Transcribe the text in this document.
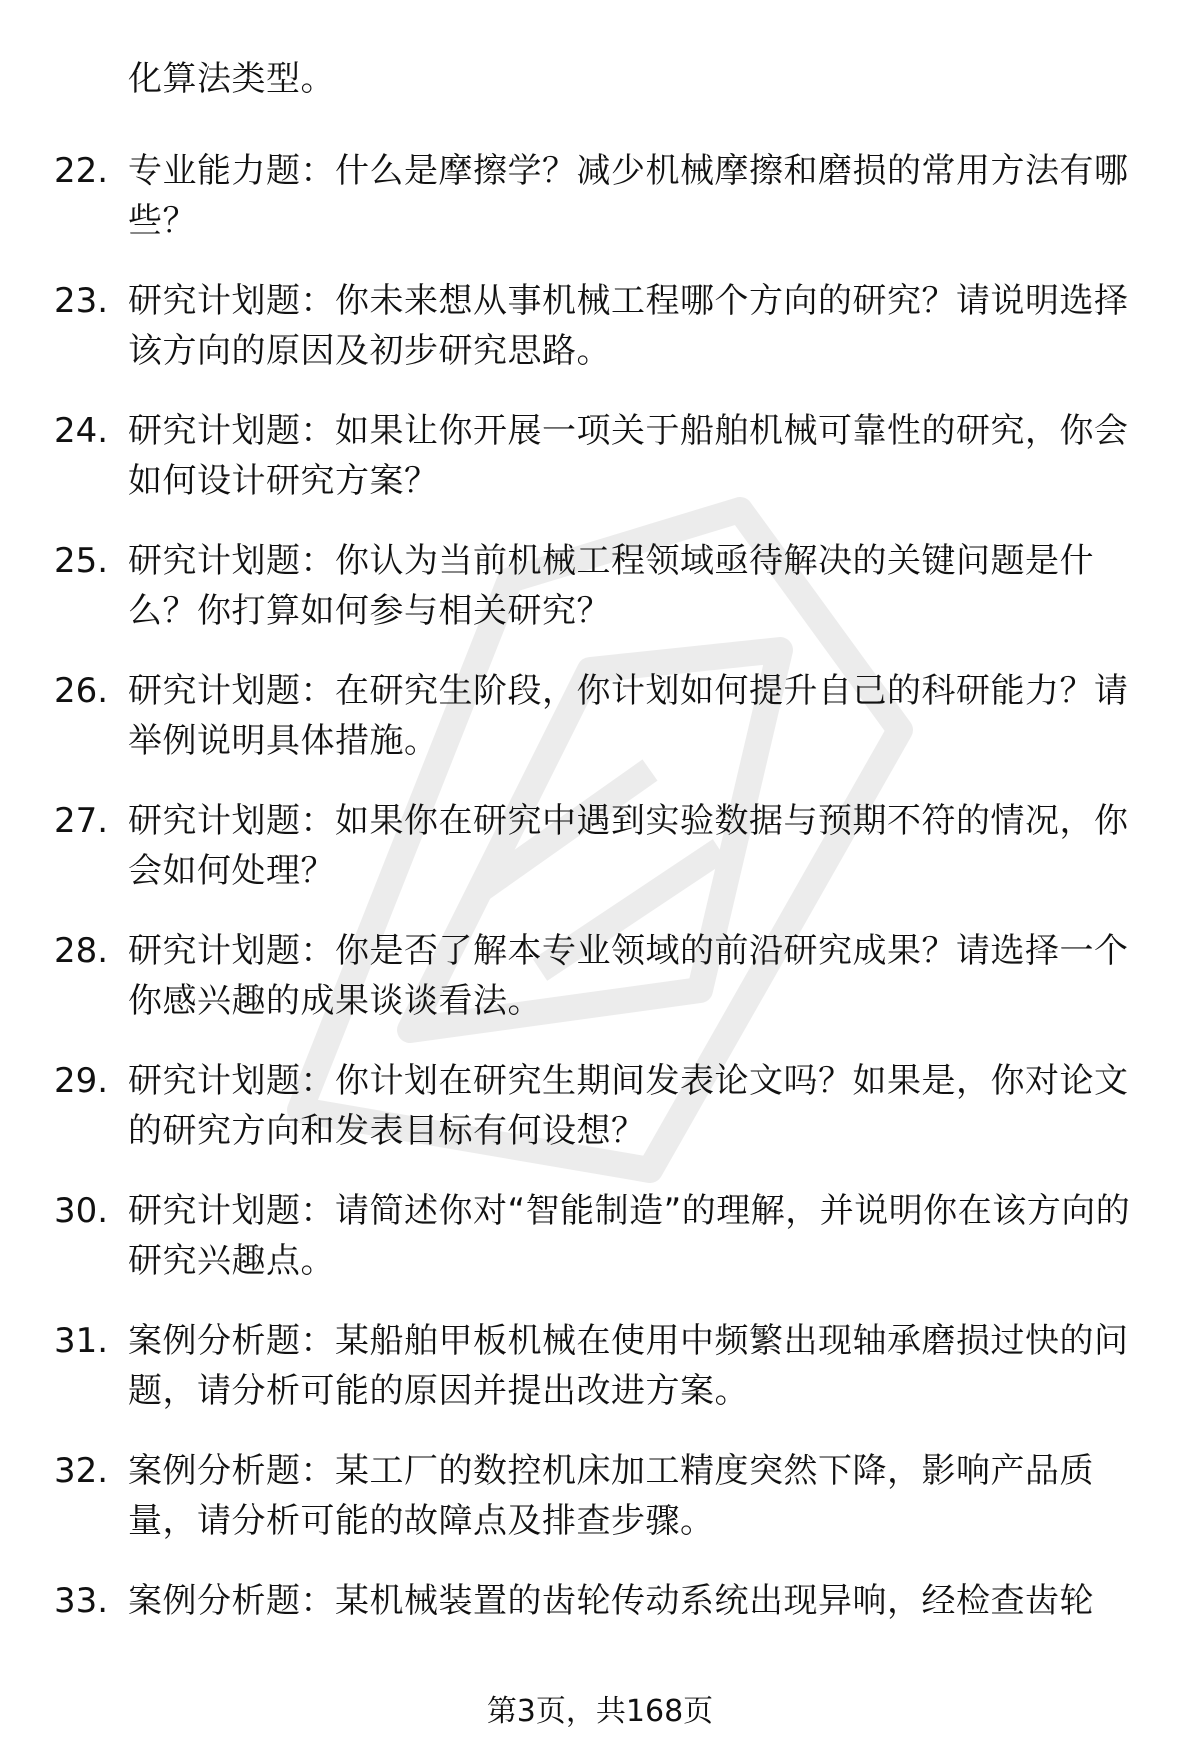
化算法类型。
22. 专业能力题：什么是摩擦学？减少机械摩擦和磨损的常用方法有哪些？
23. 研究计划题：你未来想从事机械工程哪个方向的研究？请说明选择该方向的原因及初步研究思路。
24. 研究计划题：如果让你开展一项关于船舶机械可靠性的研究，你会如何设计研究方案？
25. 研究计划题：你认为当前机械工程领域亟待解决的关键问题是什么？你打算如何参与相关研究？
26. 研究计划题：在研究生阶段，你计划如何提升自己的科研能力？请举例说明具体措施。
27. 研究计划题：如果你在研究中遇到实验数据与预期不符的情况，你会如何处理？
28. 研究计划题：你是否了解本专业领域的前沿研究成果？请选择一个你感兴趣的成果谈谈看法。
29. 研究计划题：你计划在研究生期间发表论文吗？如果是，你对论文的研究方向和发表目标有何设想？
30. 研究计划题：请简述你对“智能制造”的理解，并说明你在该方向的研究兴趣点。
31. 案例分析题：某船舶甲板机械在使用中频繁出现轴承磨损过快的问题，请分析可能的原因并提出改进方案。
32. 案例分析题：某工厂的数控机床加工精度突然下降，影响产品质量，请分析可能的故障点及排查步骤。
33. 案例分析题：某机械装置的齿轮传动系统出现异响，经检查齿轮
第3页，共168页
